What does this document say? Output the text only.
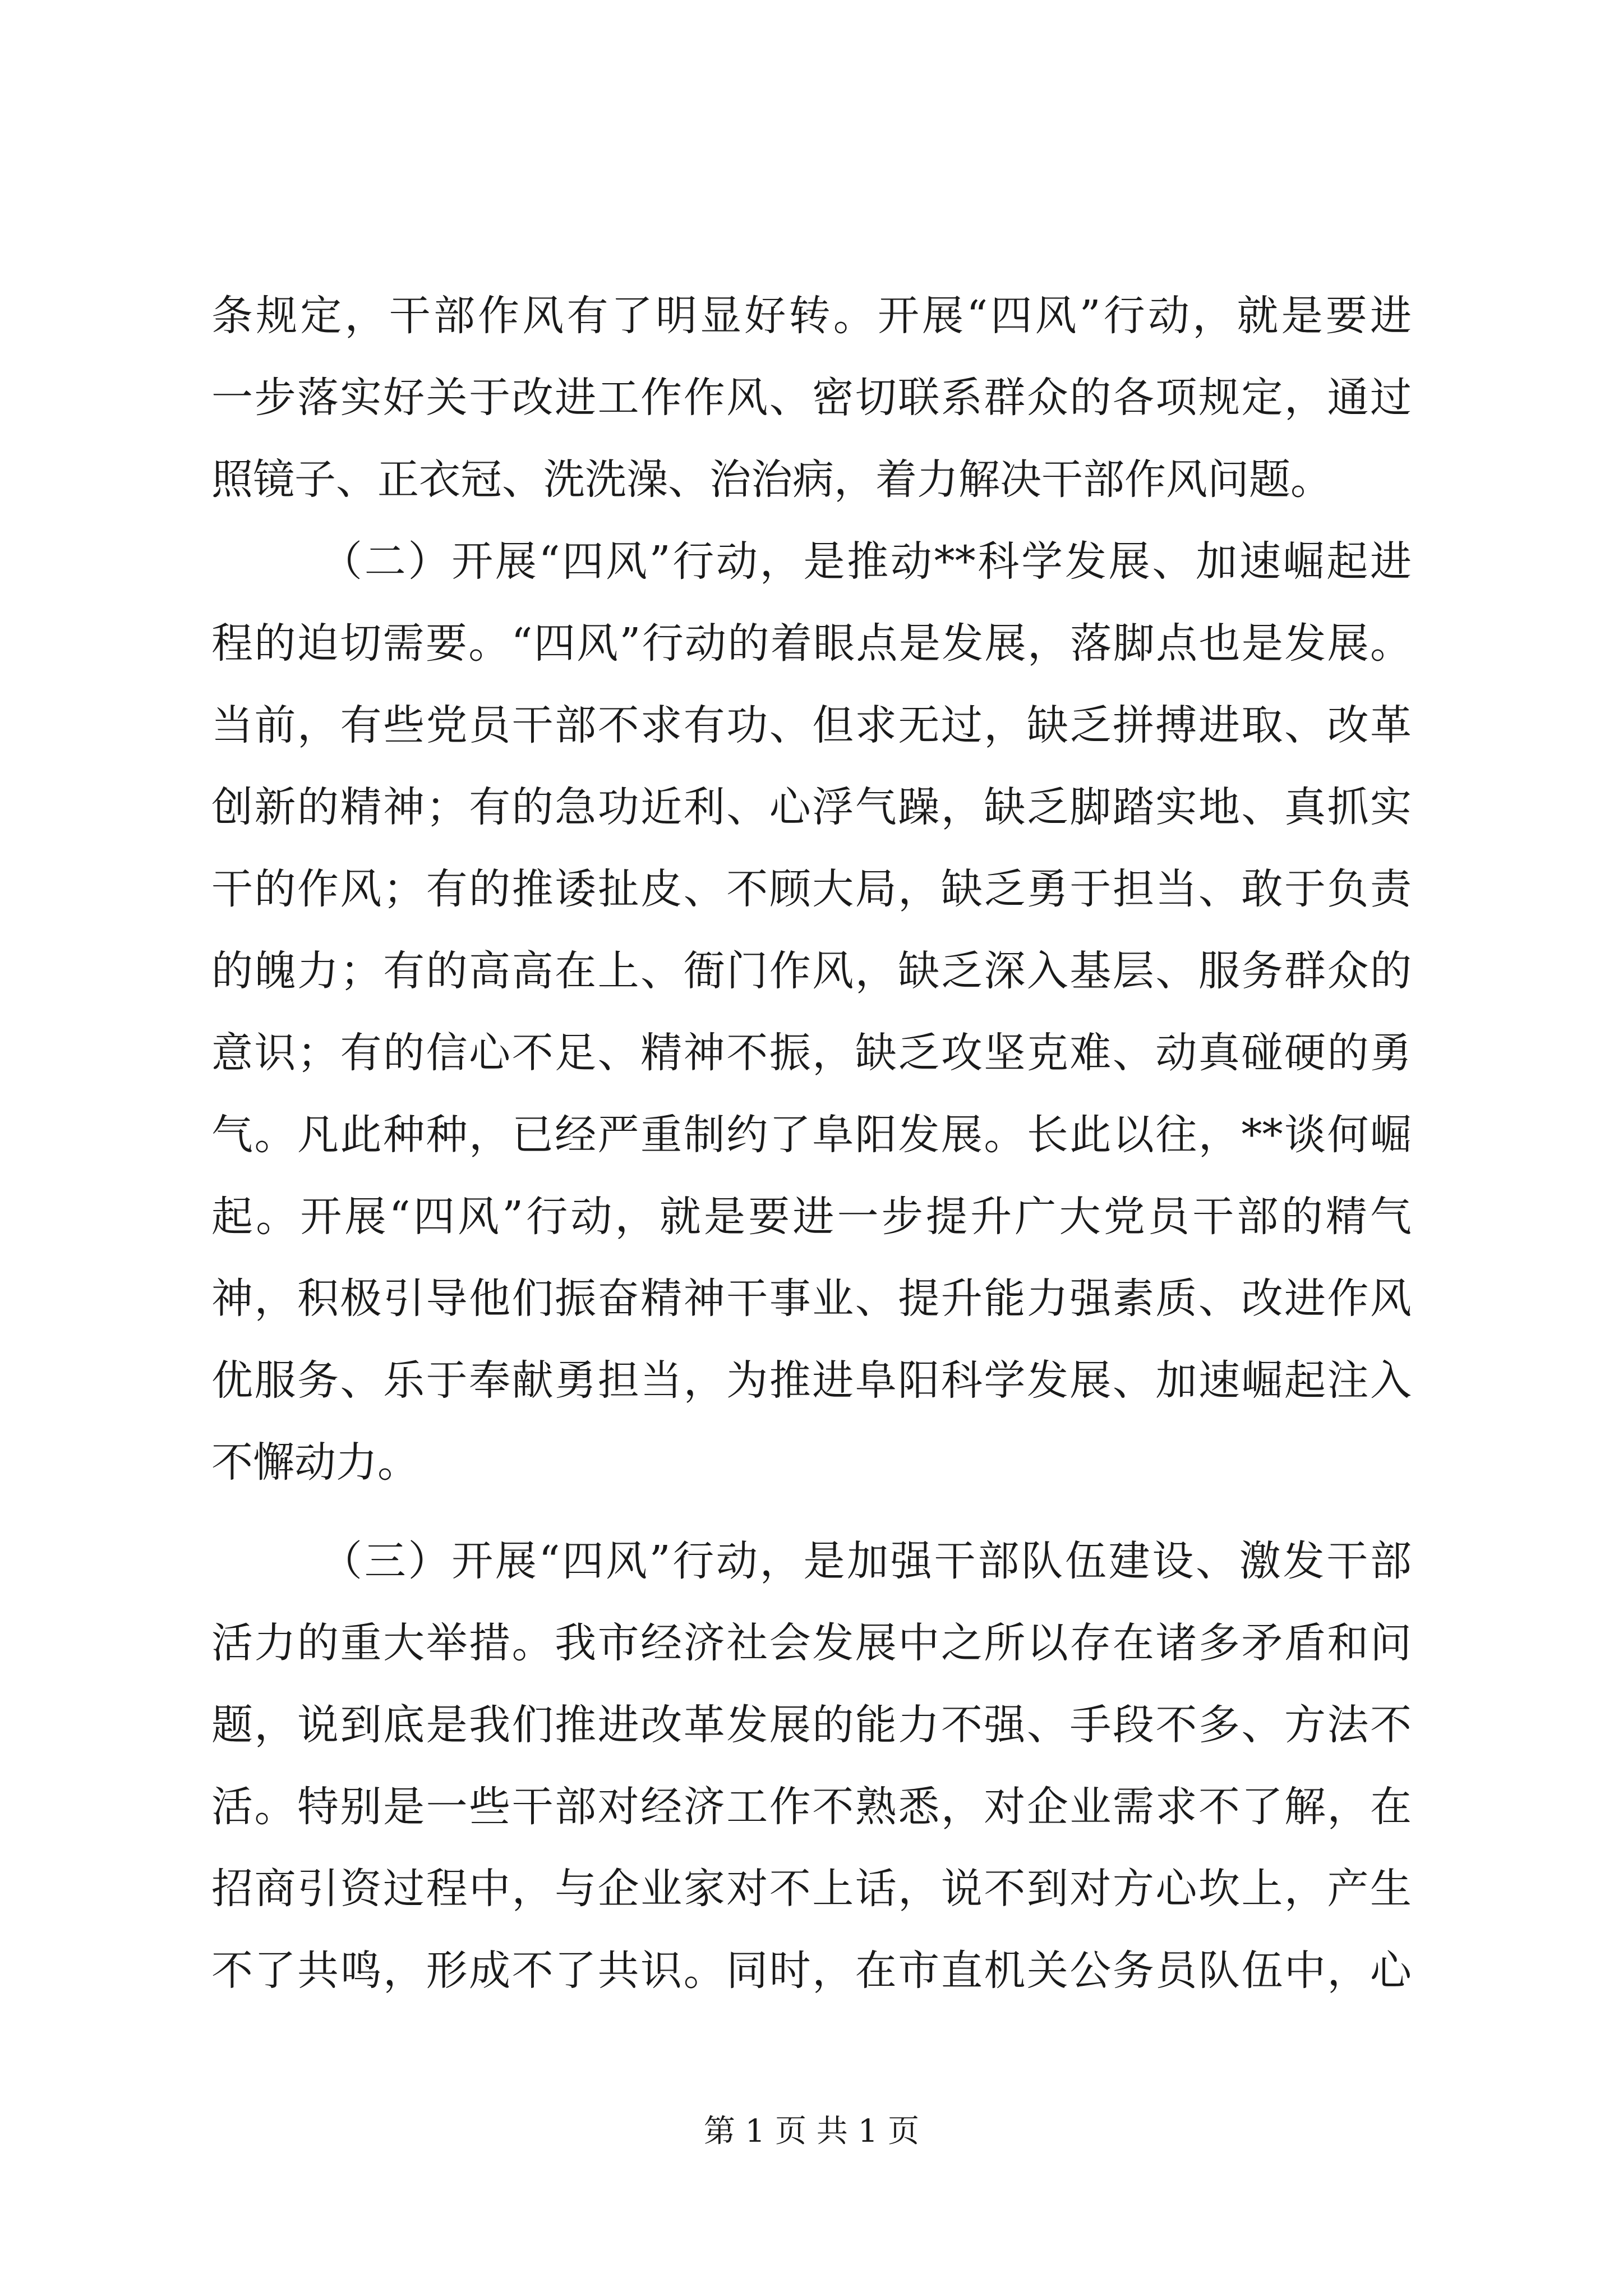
条规定，干部作风有了明显好转。开展“四风”行动，就是要进
一步落实好关于改进工作作风、密切联系群众的各项规定，通过
照镜子、正衣冠、洗洗澡、治治病，着力解决干部作风问题。
（二）开展“四风”行动，是推动**科学发展、加速崛起进
程的迫切需要。“四风”行动的着眼点是发展，落脚点也是发展。
当前，有些党员干部不求有功、但求无过，缺乏拼搏进取、改革
创新的精神；有的急功近利、心浮气躁，缺乏脚踏实地、真抓实
干的作风；有的推诿扯皮、不顾大局，缺乏勇于担当、敢于负责
的魄力；有的高高在上、衙门作风，缺乏深入基层、服务群众的
意识；有的信心不足、精神不振，缺乏攻坚克难、动真碰硬的勇
气。凡此种种，已经严重制约了阜阳发展。长此以往，**谈何崛
起。开展“四风”行动，就是要进一步提升广大党员干部的精气
神，积极引导他们振奋精神干事业、提升能力强素质、改进作风
优服务、乐于奉献勇担当，为推进阜阳科学发展、加速崛起注入
不懈动力。
（三）开展“四风”行动，是加强干部队伍建设、激发干部
活力的重大举措。我市经济社会发展中之所以存在诸多矛盾和问
题，说到底是我们推进改革发展的能力不强、手段不多、方法不
活。特别是一些干部对经济工作不熟悉，对企业需求不了解，在
招商引资过程中，与企业家对不上话，说不到对方心坎上，产生
不了共鸣，形成不了共识。同时，在市直机关公务员队伍中，心
第 1 页 共 1 页
